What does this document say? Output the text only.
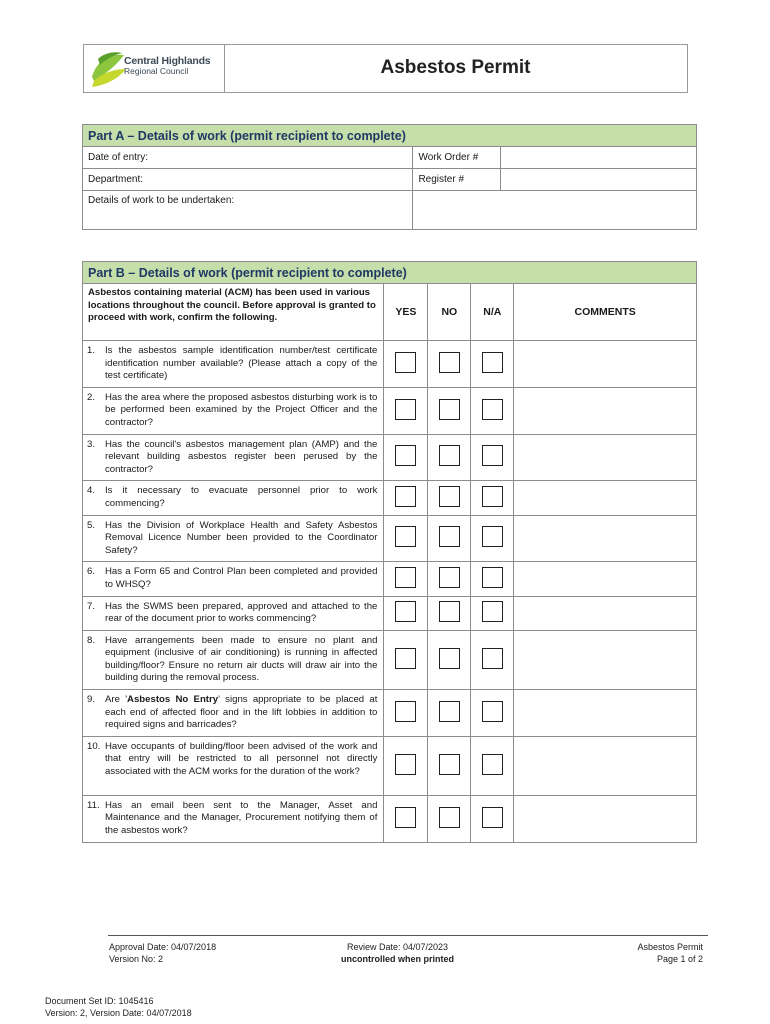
Central Highlands
Regional Council	Asbestos Permit
Part A – Details of work (permit recipient to complete)		
Date of entry:	Work Order #	
Department:	Register #	
Details of work to be undertaken:		
Part B – Details of work (permit recipient to complete)				
Asbestos containing material (ACM) has been used in various locations throughout the council. Before approval is granted to proceed with work, confirm the following.	YES	NO	N/A	COMMENTS

1. Is the asbestos sample identification number/test certificate identification number available? (Please attach a copy of the test certificate)				

2. Has the area where the proposed asbestos disturbing work is to be performed been examined by the Project Officer and the contractor?				

3. Has the council's asbestos management plan (AMP) and the relevant building asbestos register been perused by the contractor?				

4. Is it necessary to evacuate personnel prior to work commencing?				

5. Has the Division of Workplace Health and Safety Asbestos Removal Licence Number been provided to the Coordinator Safety?				

6. Has a Form 65 and Control Plan been completed and provided to WHSQ?				

7. Has the SWMS been prepared, approved and attached to the rear of the document prior to works commencing?				

8. Have arrangements been made to ensure no plant and equipment (inclusive of air conditioning) is running in affected building/floor? Ensure no return air ducts will draw air into the building during the removal process.				

9. Are 'Asbestos No Entry' signs appropriate to be placed at each end of affected floor and in the lift lobbies in addition to required signs and barricades?				

10. Have occupants of building/floor been advised of the work and that entry will be restricted to all personnel not directly associated with the ACM works for the duration of the work?				

11. Has an email been sent to the Manager, Asset and Maintenance and the Manager, Procurement notifying them of the asbestos work?				

Approval Date: 04/07/2018
Version No: 2
Review Date: 04/07/2023
uncontrolled when printed
Asbestos Permit
Page 1 of 2
Document Set ID: 1045416
Version: 2, Version Date: 04/07/2018
